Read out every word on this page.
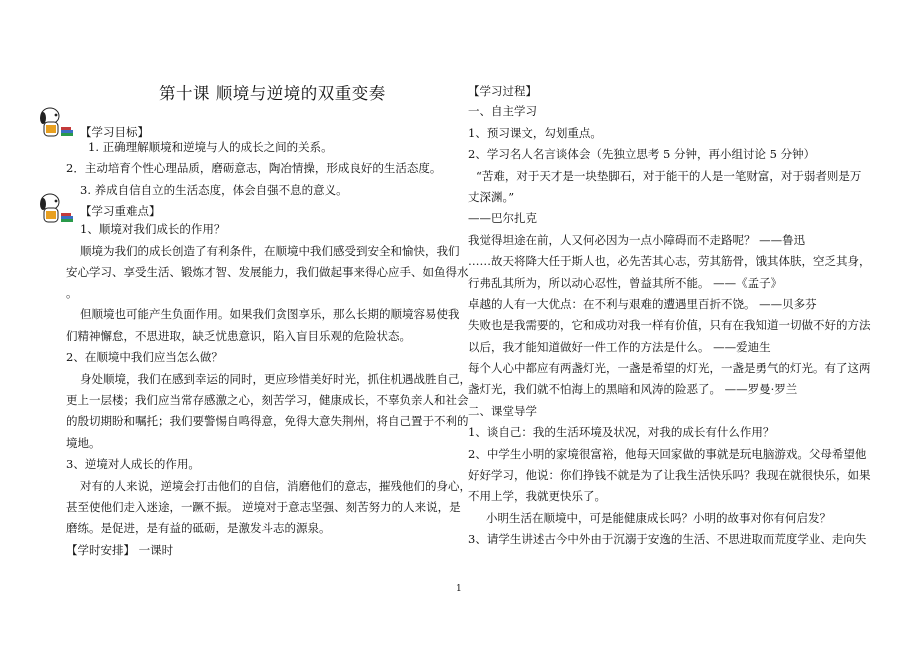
第十课 顺境与逆境的双重变奏
【学习目标】
1. 正确理解顺境和逆境与人的成长之间的关系。
2．主动培育个性心理品质，磨砺意志，陶冶情操，形成良好的生活态度。
3. 养成自信自立的生活态度，体会自强不息的意义。
【学习重难点】
1、顺境对我们成长的作用？
顺境为我们的成长创造了有利条件，在顺境中我们感受到安全和愉快，我们
安心学习、享受生活、锻炼才智、发展能力，我们做起事来得心应手、如鱼得水
。
但顺境也可能产生负面作用。如果我们贪图享乐，那么长期的顺境容易使我
们精神懈怠，不思进取，缺乏忧患意识，陷入盲目乐观的危险状态。
2、在顺境中我们应当怎么做？
身处顺境，我们在感到幸运的同时，更应珍惜美好时光，抓住机遇战胜自己，
更上一层楼；我们应当常存感激之心，刻苦学习，健康成长，不辜负亲人和社会
的殷切期盼和嘱托；我们要警惕自鸣得意，免得大意失荆州，将自己置于不利的
境地。
3、逆境对人成长的作用。
对有的人来说，逆境会打击他们的自信，消磨他们的意志，摧残他们的身心，
甚至使他们走入迷途，一蹶不振。 逆境对于意志坚强、刻苦努力的人来说，是
磨练。是促进，是有益的砥砺，是激发斗志的源泉。
【学时安排】 一课时
【学习过程】
一、自主学习
1、预习课文，勾划重点。
2、学习名人名言谈体会（先独立思考 5 分钟，再小组讨论 5 分钟）
“苦难，对于天才是一块垫脚石，对于能干的人是一笔财富，对于弱者则是万
丈深渊。”
——巴尔扎克
我觉得坦途在前，人又何必因为一点小障碍而不走路呢？ ——鲁迅
……故天将降大任于斯人也，必先苦其心志，劳其筋骨，饿其体肤，空乏其身，
行弗乱其所为，所以动心忍性，曾益其所不能。 ——《孟子》
卓越的人有一大优点：在不利与艰难的遭遇里百折不饶。 ——贝多芬
失败也是我需要的，它和成功对我一样有价值，只有在我知道一切做不好的方法
以后，我才能知道做好一件工作的方法是什么。 ——爱迪生
每个人心中都应有两盏灯光，一盏是希望的灯光，一盏是勇气的灯光。有了这两
盏灯光，我们就不怕海上的黑暗和风涛的险恶了。 ——罗曼·罗兰
二、课堂导学
1、谈自己：我的生活环境及状况，对我的成长有什么作用？
2、中学生小明的家境很富裕，他每天回家做的事就是玩电脑游戏。父母希望他
好好学习，他说：你们挣钱不就是为了让我生活快乐吗？我现在就很快乐，如果
不用上学，我就更快乐了。
小明生活在顺境中，可是能健康成长吗？小明的故事对你有何启发？
3、请学生讲述古今中外由于沉溺于安逸的生活、不思进取而荒度学业、走向失
1
